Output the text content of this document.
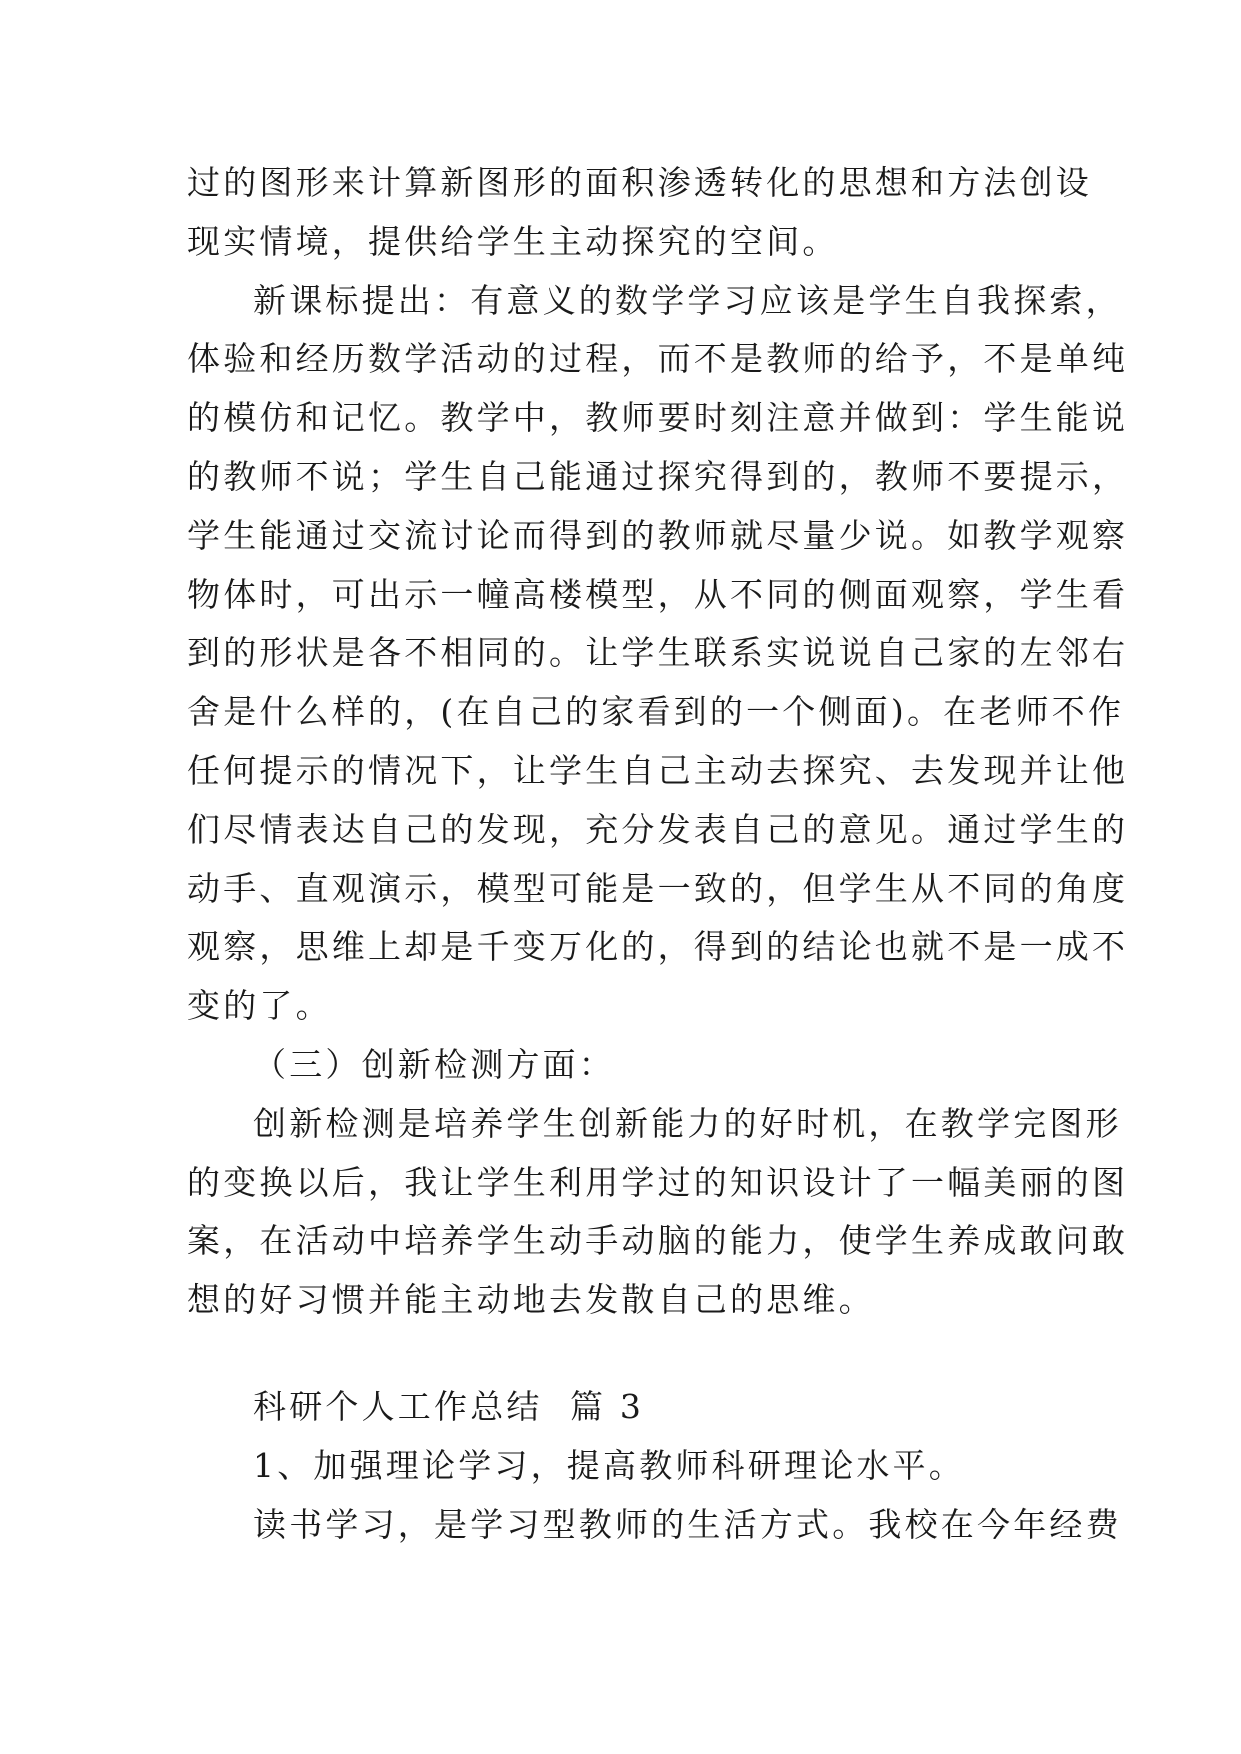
过的图形来计算新图形的面积渗透转化的思想和方法创设
现实情境，提供给学生主动探究的空间。

新课标提出：有意义的数学学习应该是学生自我探索，
体验和经历数学活动的过程，而不是教师的给予，不是单纯
的模仿和记忆。教学中，教师要时刻注意并做到：学生能说
的教师不说；学生自己能通过探究得到的，教师不要提示，
学生能通过交流讨论而得到的教师就尽量少说。如教学观察
物体时，可出示一幢高楼模型，从不同的侧面观察，学生看
到的形状是各不相同的。让学生联系实说说自己家的左邻右
舍是什么样的，(在自己的家看到的一个侧面)。在老师不作
任何提示的情况下，让学生自己主动去探究、去发现并让他
们尽情表达自己的发现，充分发表自己的意见。通过学生的
动手、直观演示，模型可能是一致的，但学生从不同的角度
观察，思维上却是千变万化的，得到的结论也就不是一成不
变的了。

（三）创新检测方面：

创新检测是培养学生创新能力的好时机，在教学完图形
的变换以后，我让学生利用学过的知识设计了一幅美丽的图
案，在活动中培养学生动手动脑的能力，使学生养成敢问敢
想的好习惯并能主动地去发散自己的思维。

科研个人工作总结  篇 3
1、加强理论学习，提高教师科研理论水平。
读书学习，是学习型教师的生活方式。我校在今年经费
